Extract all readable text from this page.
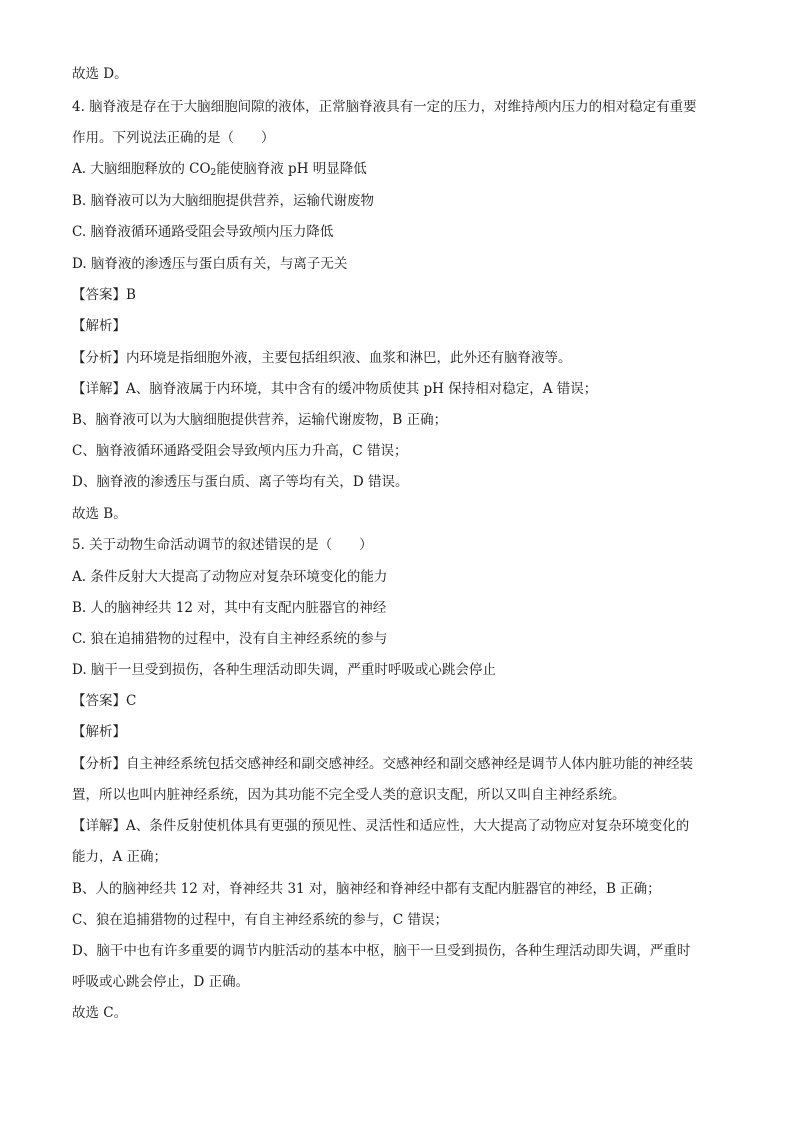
故选 D。
4. 脑脊液是存在于大脑细胞间隙的液体，正常脑脊液具有一定的压力，对维持颅内压力的相对稳定有重要
作用。下列说法正确的是（　　）
A. 大脑细胞释放的 $CO_2$能使脑脊液 pH 明显降低
B. 脑脊液可以为大脑细胞提供营养，运输代谢废物
C. 脑脊液循环通路受阻会导致颅内压力降低
D. 脑脊液的渗透压与蛋白质有关，与离子无关
【答案】B
【解析】
【分析】内环境是指细胞外液，主要包括组织液、血浆和淋巴，此外还有脑脊液等。
【详解】A、脑脊液属于内环境，其中含有的缓冲物质使其 pH 保持相对稳定，A 错误；
B、脑脊液可以为大脑细胞提供营养，运输代谢废物，B 正确；
C、脑脊液循环通路受阻会导致颅内压力升高，C 错误；
D、脑脊液的渗透压与蛋白质、离子等均有关，D 错误。
故选 B。
5. 关于动物生命活动调节的叙述错误的是（　　）
A. 条件反射大大提高了动物应对复杂环境变化的能力
B. 人的脑神经共 12 对，其中有支配内脏器官的神经
C. 狼在追捕猎物的过程中，没有自主神经系统的参与
D. 脑干一旦受到损伤，各种生理活动即失调，严重时呼吸或心跳会停止
【答案】C
【解析】
【分析】自主神经系统包括交感神经和副交感神经。交感神经和副交感神经是调节人体内脏功能的神经装
置，所以也叫内脏神经系统，因为其功能不完全受人类的意识支配，所以又叫自主神经系统。
【详解】A、条件反射使机体具有更强的预见性、灵活性和适应性，大大提高了动物应对复杂环境变化的
能力，A 正确；
B、人的脑神经共 12 对，脊神经共 31 对，脑神经和脊神经中都有支配内脏器官的神经，B 正确；
C、狼在追捕猎物的过程中，有自主神经系统的参与，C 错误；
D、脑干中也有许多重要的调节内脏活动的基本中枢，脑干一旦受到损伤，各种生理活动即失调，严重时
呼吸或心跳会停止，D 正确。
故选 C。
